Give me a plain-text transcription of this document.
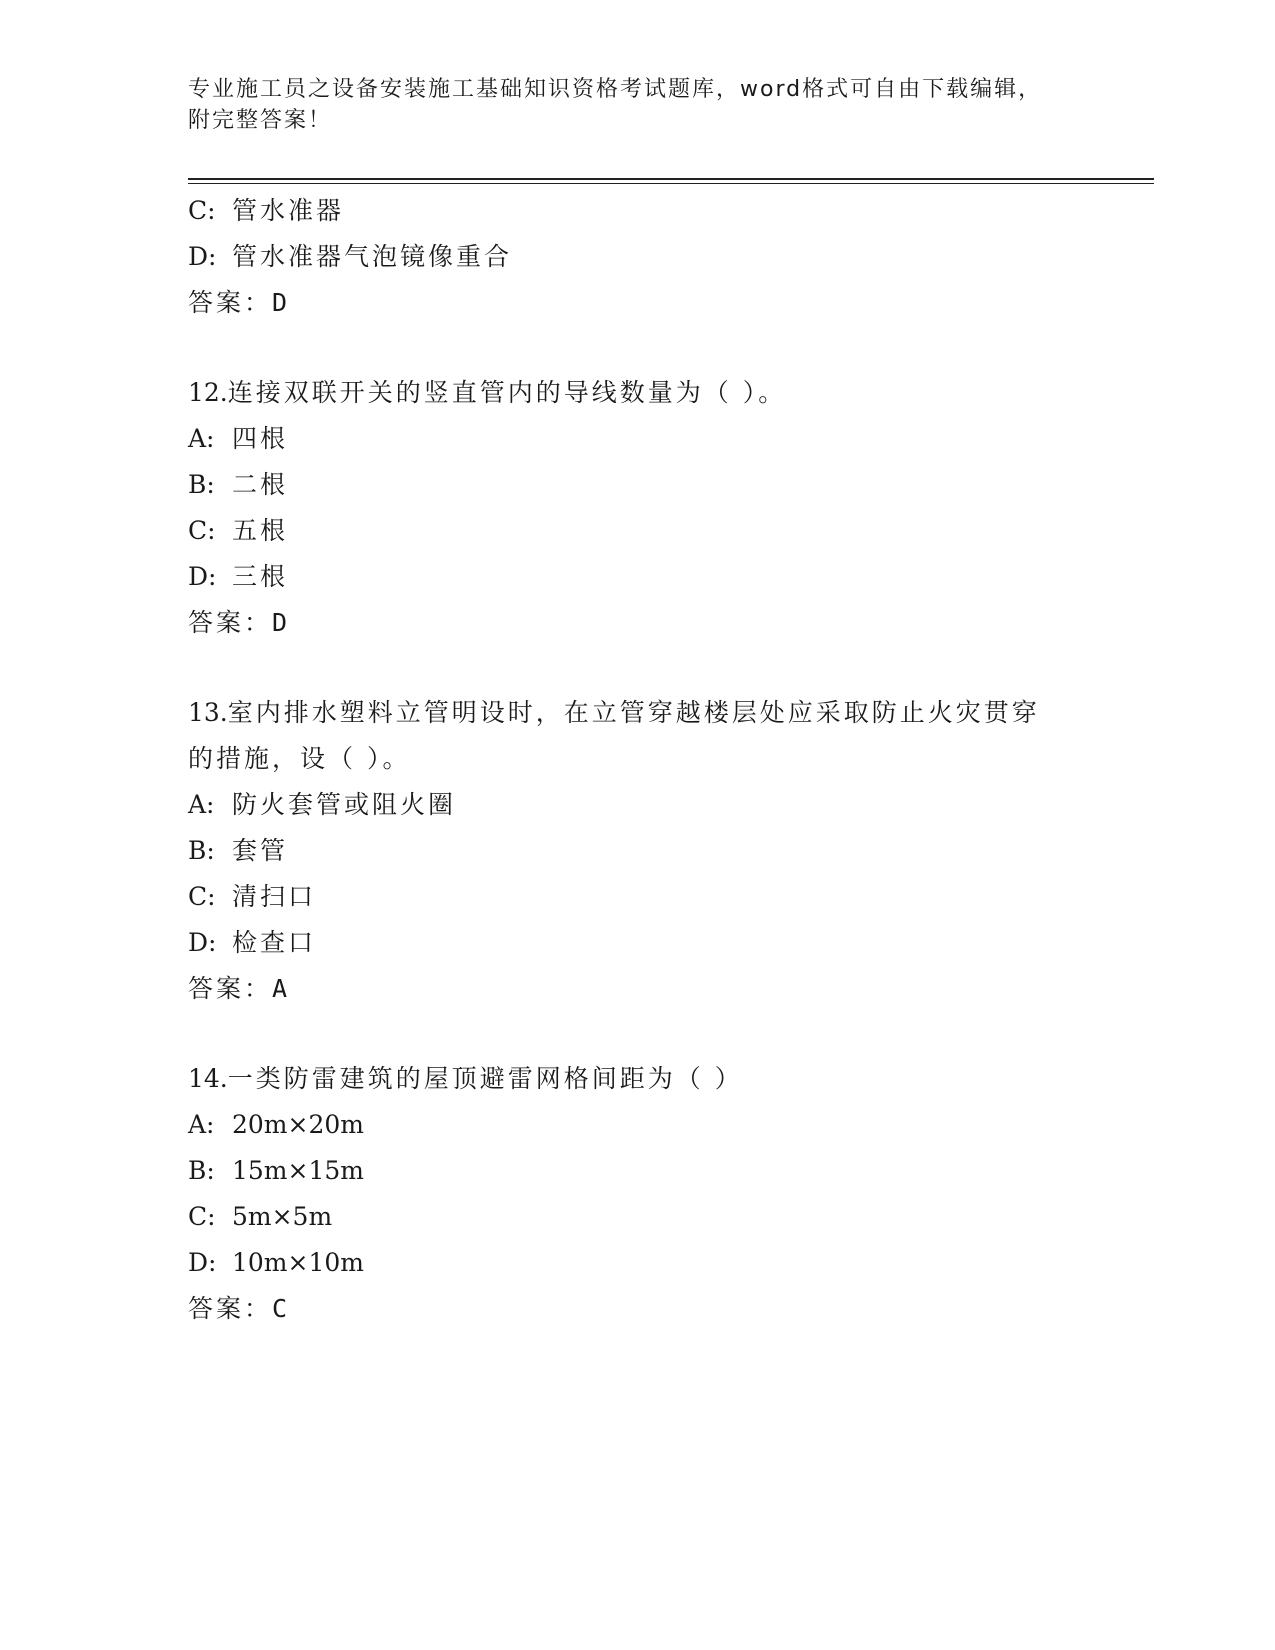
专业施工员之设备安装施工基础知识资格考试题库，word格式可自由下载编辑，
附完整答案！
C: 管水准器
D: 管水准器气泡镜像重合
答案：D
12.连接双联开关的竖直管内的导线数量为（ ）。
A: 四根
B: 二根
C: 五根
D: 三根
答案：D
13.室内排水塑料立管明设时，在立管穿越楼层处应采取防止火灾贯穿
的措施，设（ ）。
A: 防火套管或阻火圈
B: 套管
C: 清扫口
D: 检查口
答案：A
14.一类防雷建筑的屋顶避雷网格间距为（ ）
A: 20m×20m
B: 15m×15m
C: 5m×5m
D: 10m×10m
答案：C
